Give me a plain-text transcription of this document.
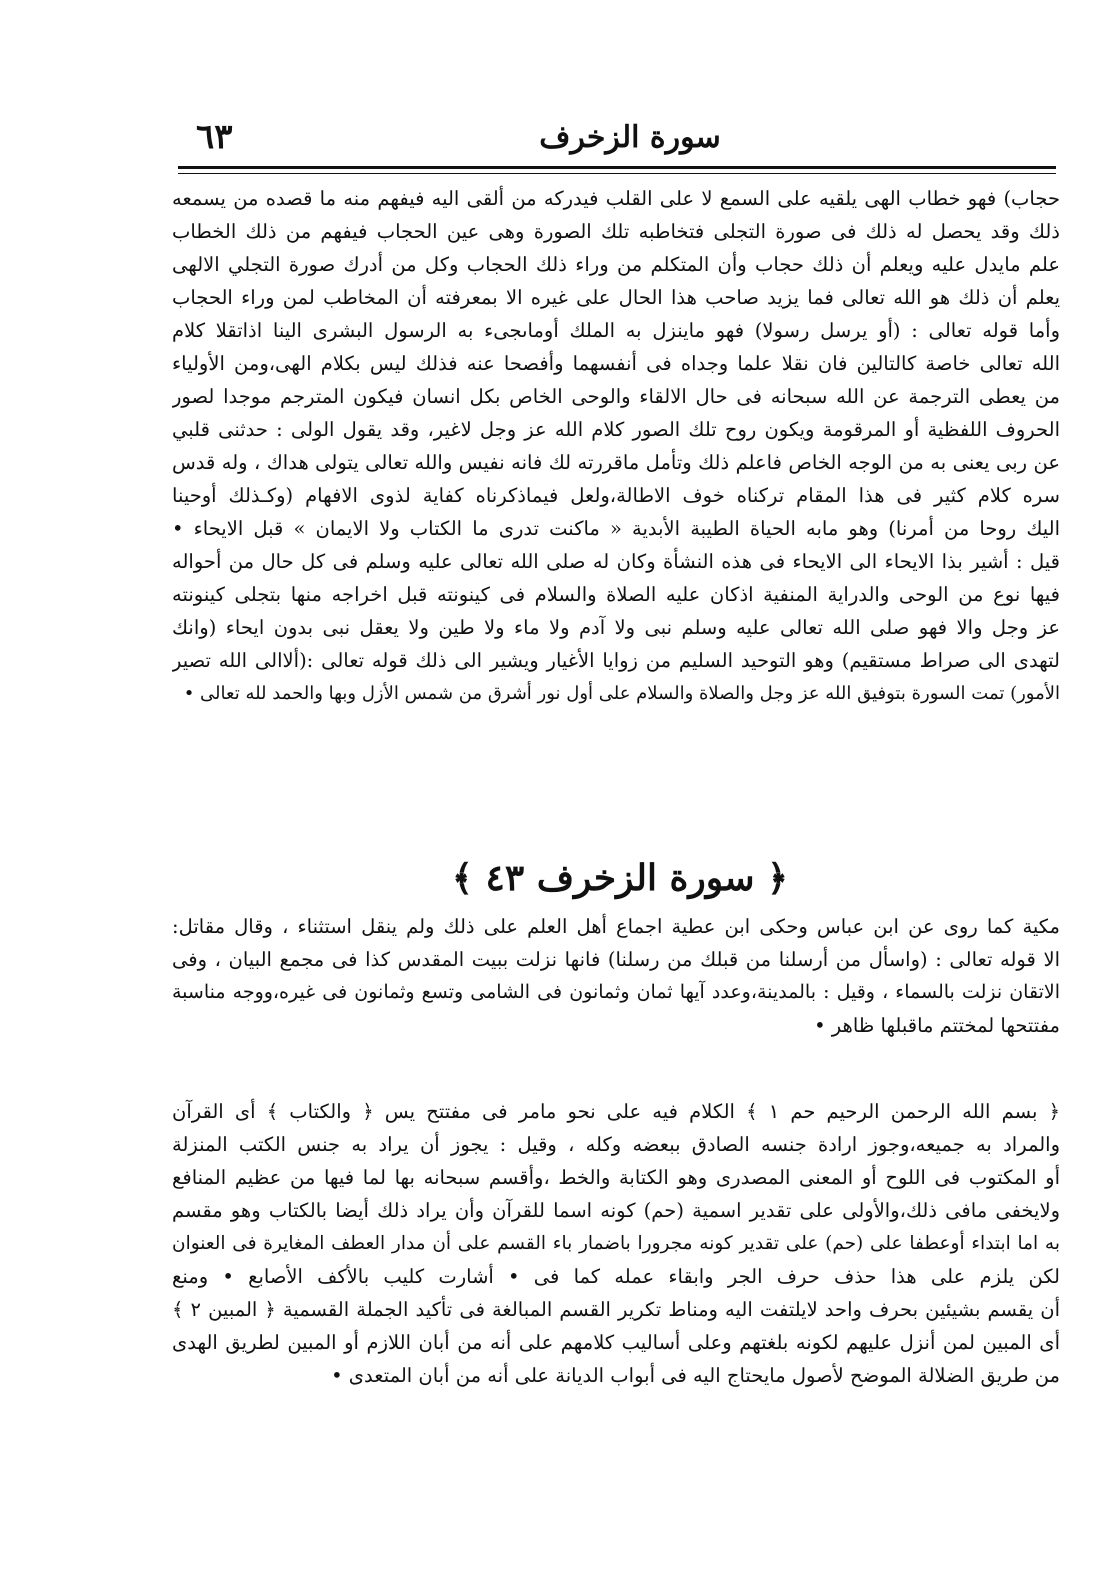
سورة الزخرف
٦٣
حجاب) فهو خطاب الهى يلقيه على السمع لا على القلب فيدركه من ألقى اليه فيفهم منه ما قصده من يسمعه
ذلك وقد يحصل له ذلك فى صورة التجلى فتخاطبه تلك الصورة وهى عين الحجاب فيفهم من ذلك الخطاب
علم مايدل عليه ويعلم أن ذلك حجاب وأن المتكلم من وراء ذلك الحجاب وكل من أدرك صورة التجلي الالهى
يعلم أن ذلك هو الله تعالى فما يزيد صاحب هذا الحال على غيره الا بمعرفته أن المخاطب لمن وراء الحجاب
وأما قوله تعالى : (أو يرسل رسولا) فهو ماينزل به الملك أوماىجىء به الرسول البشرى الينا اذاتقلا كلام
الله تعالى خاصة كالتالين فان نقلا علما وجداه فى أنفسهما وأفصحا عنه فذلك ليس بكلام الهى،ومن الأولياء
من يعطى الترجمة عن الله سبحانه فى حال الالقاء والوحى الخاص بكل انسان فيكون المترجم موجدا لصور
الحروف اللفظية أو المرقومة ويكون روح تلك الصور كلام الله عز وجل لاغير، وقد يقول الولى : حدثنى قلبي
عن ربى يعنى به من الوجه الخاص فاعلم ذلك وتأمل ماقررته لك فانه نفيس والله تعالى يتولى هداك ، وله قدس
سره كلام كثير فى هذا المقام تركناه خوف الاطالة،ولعل فيماذكرناه كفاية لذوى الافهام (وكـذلك أوحينا
اليك روحا من أمرنا) وهو مابه الحياة الطيبة الأبدية « ماكنت تدرى ما الكتاب ولا الايمان » قبل الايحاء •
قيل : أشير بذا الايحاء الى الايحاء فى هذه النشأة وكان له صلى الله تعالى عليه وسلم فى كل حال من أحواله
فيها نوع من الوحى والدراية المنفية اذكان عليه الصلاة والسلام فى كينونته قبل اخراجه منها بتجلى كينونته
عز وجل والا فهو صلى الله تعالى عليه وسلم نبى ولا آدم ولا ماء ولا طين ولا يعقل نبى بدون ايحاء (وانك
لتهدى الى صراط مستقيم) وهو التوحيد السليم من زوايا الأغيار ويشير الى ذلك قوله تعالى :(ألاالى الله تصير
الأمور) تمت السورة بتوفيق الله عز وجل والصلاة والسلام على أول نور أشرق من شمس الأزل وبها والحمد لله تعالى •
﴿ سورة الزخرف ٤٣ ﴾
مكية كما روى عن ابن عباس وحكى ابن عطية اجماع أهل العلم على ذلك ولم ينقل استثناء ، وقال مقاتل:
الا قوله تعالى : (واسأل من أرسلنا من قبلك من رسلنا) فانها نزلت ببيت المقدس كذا فى مجمع البيان ، وفى
الاتقان نزلت بالسماء ، وقيل : بالمدينة،وعدد آيها ثمان وثمانون فى الشامى وتسع وثمانون فى غيره،ووجه مناسبة
مفتتحها لمختتم ماقبلها ظاهر •
﴿ بسم الله الرحمن الرحيم حم ١ ﴾ الكلام فيه على نحو مامر فى مفتتح يس ﴿ والكتاب ﴾ أى القرآن
والمراد به جميعه،وجوز ارادة جنسه الصادق ببعضه وكله ، وقيل : يجوز أن يراد به جنس الكتب المنزلة
أو المكتوب فى اللوح أو المعنى المصدرى وهو الكتابة والخط ،وأقسم سبحانه بها لما فيها من عظيم المنافع
ولايخفى مافى ذلك،والأولى على تقدير اسمية (حم) كونه اسما للقرآن وأن يراد ذلك أيضا بالكتاب وهو مقسم
به اما ابتداء أوعطفا على (حم) على تقدير كونه مجرورا باضمار باء القسم على أن مدار العطف المغايرة فى العنوان
لكن يلزم على هذا حذف حرف الجر وابقاء عمله كما فى • أشارت كليب بالأكف الأصابع • ومنع
أن يقسم بشيئين بحرف واحد لايلتفت اليه ومناط تكرير القسم المبالغة فى تأكيد الجملة القسمية ﴿ المبين ٢ ﴾
أى المبين لمن أنزل عليهم لكونه بلغتهم وعلى أساليب كلامهم على أنه من أبان اللازم أو المبين لطريق الهدى
من طريق الضلالة الموضح لأصول مايحتاج اليه فى أبواب الديانة على أنه من أبان المتعدى •
